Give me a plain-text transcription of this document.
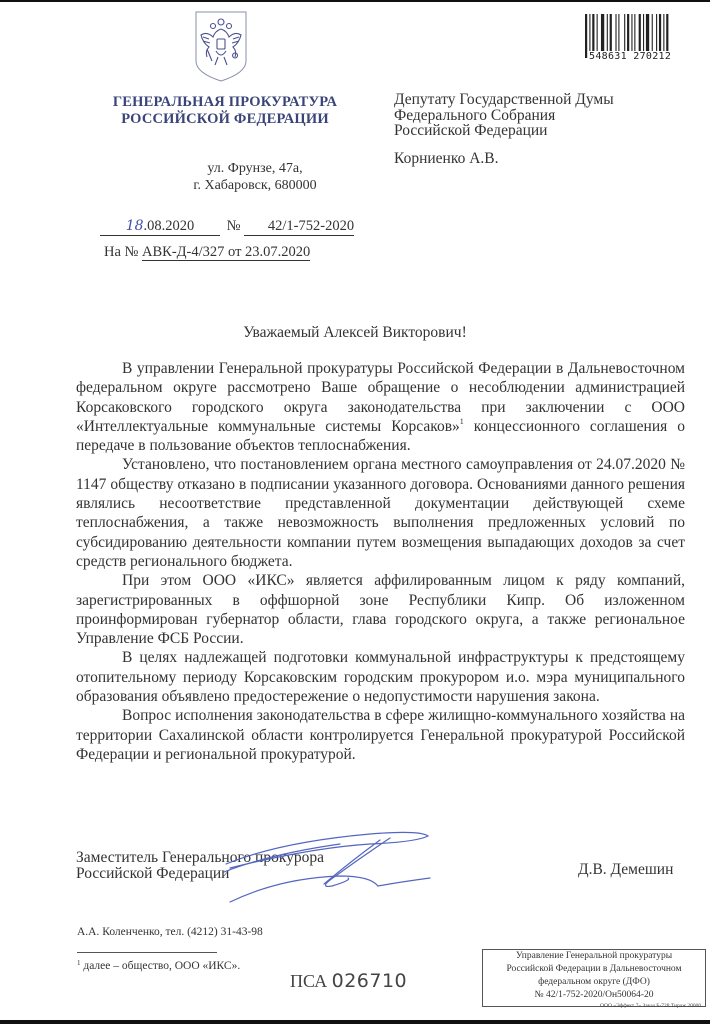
ГЕНЕРАЛЬНАЯ ПРОКУРАТУРА
РОССИЙСКОЙ ФЕДЕРАЦИИ
ул. Фрунзе, 47а,
г. Хабаровск, 680000
18.08.2020 № 42/1-752-2020
На № АВК-Д-4/327 от 23.07.2020
548631 270212
Депутату Государственной Думы
Федерального Собрания
Российской Федерации
Корниенко А.В.
Уважаемый Алексей Викторович!

В управлении Генеральной прокуратуры Российской Федерации в Дальневосточном федеральном округе рассмотрено Ваше обращение о несоблюдении администрацией Корсаковского городского округа законодательства при заключении с ООО «Интеллектуальные коммунальные системы Корсаков»$^1$ концессионного соглашения о передаче в пользование объектов теплоснабжения.

Установлено, что постановлением органа местного самоуправления от 24.07.2020 № 1147 обществу отказано в подписании указанного договора. Основаниями данного решения являлись несоответствие представленной документации действующей схеме теплоснабжения, а также невозможность выполнения предложенных условий по субсидированию деятельности компании путем возмещения выпадающих доходов за счет средств регионального бюджета.

При этом ООО «ИКС» является аффилированным лицом к ряду компаний, зарегистрированных в оффшорной зоне Республики Кипр. Об изложенном проинформирован губернатор области, глава городского округа, а также региональное Управление ФСБ России.

В целях надлежащей подготовки коммунальной инфраструктуры к предстоящему отопительному периоду Корсаковским городским прокурором и.о. мэра муниципального образования объявлено предостережение о недопустимости нарушения закона.

Вопрос исполнения законодательства в сфере жилищно-коммунального хозяйства на территории Сахалинской области контролируется Генеральной прокуратурой Российской Федерации и региональной прокуратурой.

Заместитель Генерального прокурора
Российской Федерации	Д.В. Демешин
А.А. Коленченко, тел. (4212) 31-43-98
$^1$ далее – общество, ООО «ИКС».
ПСА 026710
Управление Генеральной прокуратуры
Российской Федерации в Дальневосточном
федеральном округе (ДФО)
№ 42/1-752-2020/Он50064-20
ООО «Эффект 7» Заказ Б-728 Тираж 20000
